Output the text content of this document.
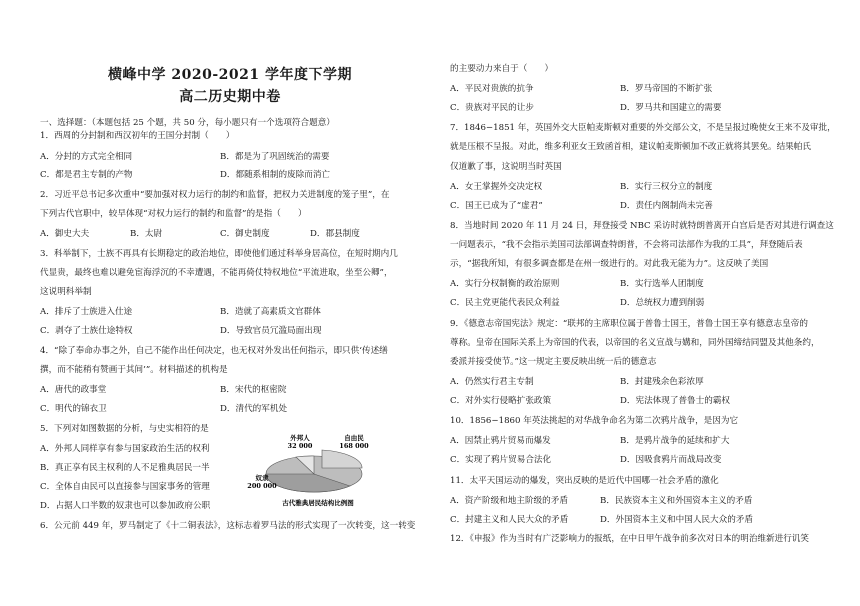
横峰中学 2020-2021 学年度下学期
高二历史期中卷
一、选择题：（本题包括 25 个题，共 50 分，每小题只有一个选项符合题意）
1．西周的分封制和西汉初年的王国分封制（　　）
2．习近平总书记多次重申“要加强对权力运行的制约和监督，把权力关进制度的笼子里”，在
下列古代官职中，较早体现“对权力运行的制约和监督”的是指（　　）
3．科举制下，士族不再具有长期稳定的政治地位，即使他们通过科举身居高位，在短时期内几
代显贵，最终也难以避免宦海浮沉的不幸遭遇，不能再倚仗特权地位“平流进取，坐至公卿”，
这说明科举制
4．“除了奉命办事之外，自己不能作出任何决定，也无权对外发出任何指示，即只供‘传述缮
撰，而不能稍有赞画于其间’”。材料描述的机构是
5．下列对如图数据的分析，与史实相符的是
6．公元前 449 年，罗马制定了《十二铜表法》，这标志着罗马法的形式实现了一次转变，这一转变
A．分封的方式完全相同	B．都是为了巩固统治的需要
C．都是君主专制的产物	D．都随系相制的废除而消亡
A．御史大夫	B．太尉	C．御史制度	D．郡县制度
A．排斥了士族进入仕途	B．造就了高素质文官群体
C．剥夺了士族仕途特权	D．导致官员冗滥局面出现
A．唐代的政事堂	B．宋代的枢密院
C．明代的锦衣卫	D．清代的军机处
A．外邦人同样享有参与国家政治生活的权利
B．真正享有民主权利的人不足雅典居民一半
C．全体自由民可以直接参与国家事务的管理
D．占据人口半数的奴隶也可以参加政府公职
的主要动力来自于（　　）
7．1846−1851 年，英国外交大臣帕麦斯顿对重要的外交部公文，不是呈报过晚使女王来不及审批，
就是压根不呈报。对此，维多利亚女王致函首相，建议帕麦斯顿加不改正就将其罢免。结果帕氏
仅道歉了事，这说明当时英国
8．当地时间 2020 年 11 月 24 日，拜登接受 NBC 采访时就特朗普离开白宫后是否对其进行调查这
一问题表示，“我不会指示美国司法部调查特朗普，不会将司法部作为我的工具”，拜登随后表
示，“据我所知，有很多调查都是在州一级进行的。对此我无能为力”。这反映了美国
9．《德意志帝国宪法》规定：“联邦的主席职位属于普鲁士国王，普鲁士国王享有德意志皇帝的
尊称。皇帝在国际关系上为帝国的代表，以帝国的名义宣战与媾和，同外国缔结同盟及其他条约，
委派并接受使节。”这一规定主要反映出统一后的德意志
10．1856−1860 年英法挑起的对华战争命名为第二次鸦片战争，是因为它
11．太平天国运动的爆发，突出反映的是近代中国哪一社会矛盾的激化
12．《申报》作为当时有广泛影响力的报纸，在中日甲午战争前多次对日本的明治维新进行讥笑
A．平民对贵族的抗争	B．罗马帝国的不断扩张
C．贵族对平民的让步	D．罗马共和国建立的需要
A．女王掌握外交决定权	B．实行三权分立的制度
C．国王已成为了“虚君”	D．责任内阁制尚未完善
A．实行分权制衡的政治原则	B．实行选举人团制度
C．民主党更能代表民众利益	D．总统权力遭到削弱
A．仍然实行君主专制	B．封建残余色彩浓厚
C．对外实行侵略扩张政策	D．宪法体现了普鲁士的霸权
A．因禁止鸦片贸易而爆发	B．是鸦片战争的延续和扩大
C．实现了鸦片贸易合法化	D．因吸食鸦片而战局改变
A．资产阶级和地主阶级的矛盾	B．民族资本主义和外国资本主义的矛盾
C．封建主义和人民大众的矛盾	D．外国资本主义和中国人民大众的矛盾
外邦人
32 000
自由民
168 000
奴隶
200 000
古代雅典居民结构比例图
